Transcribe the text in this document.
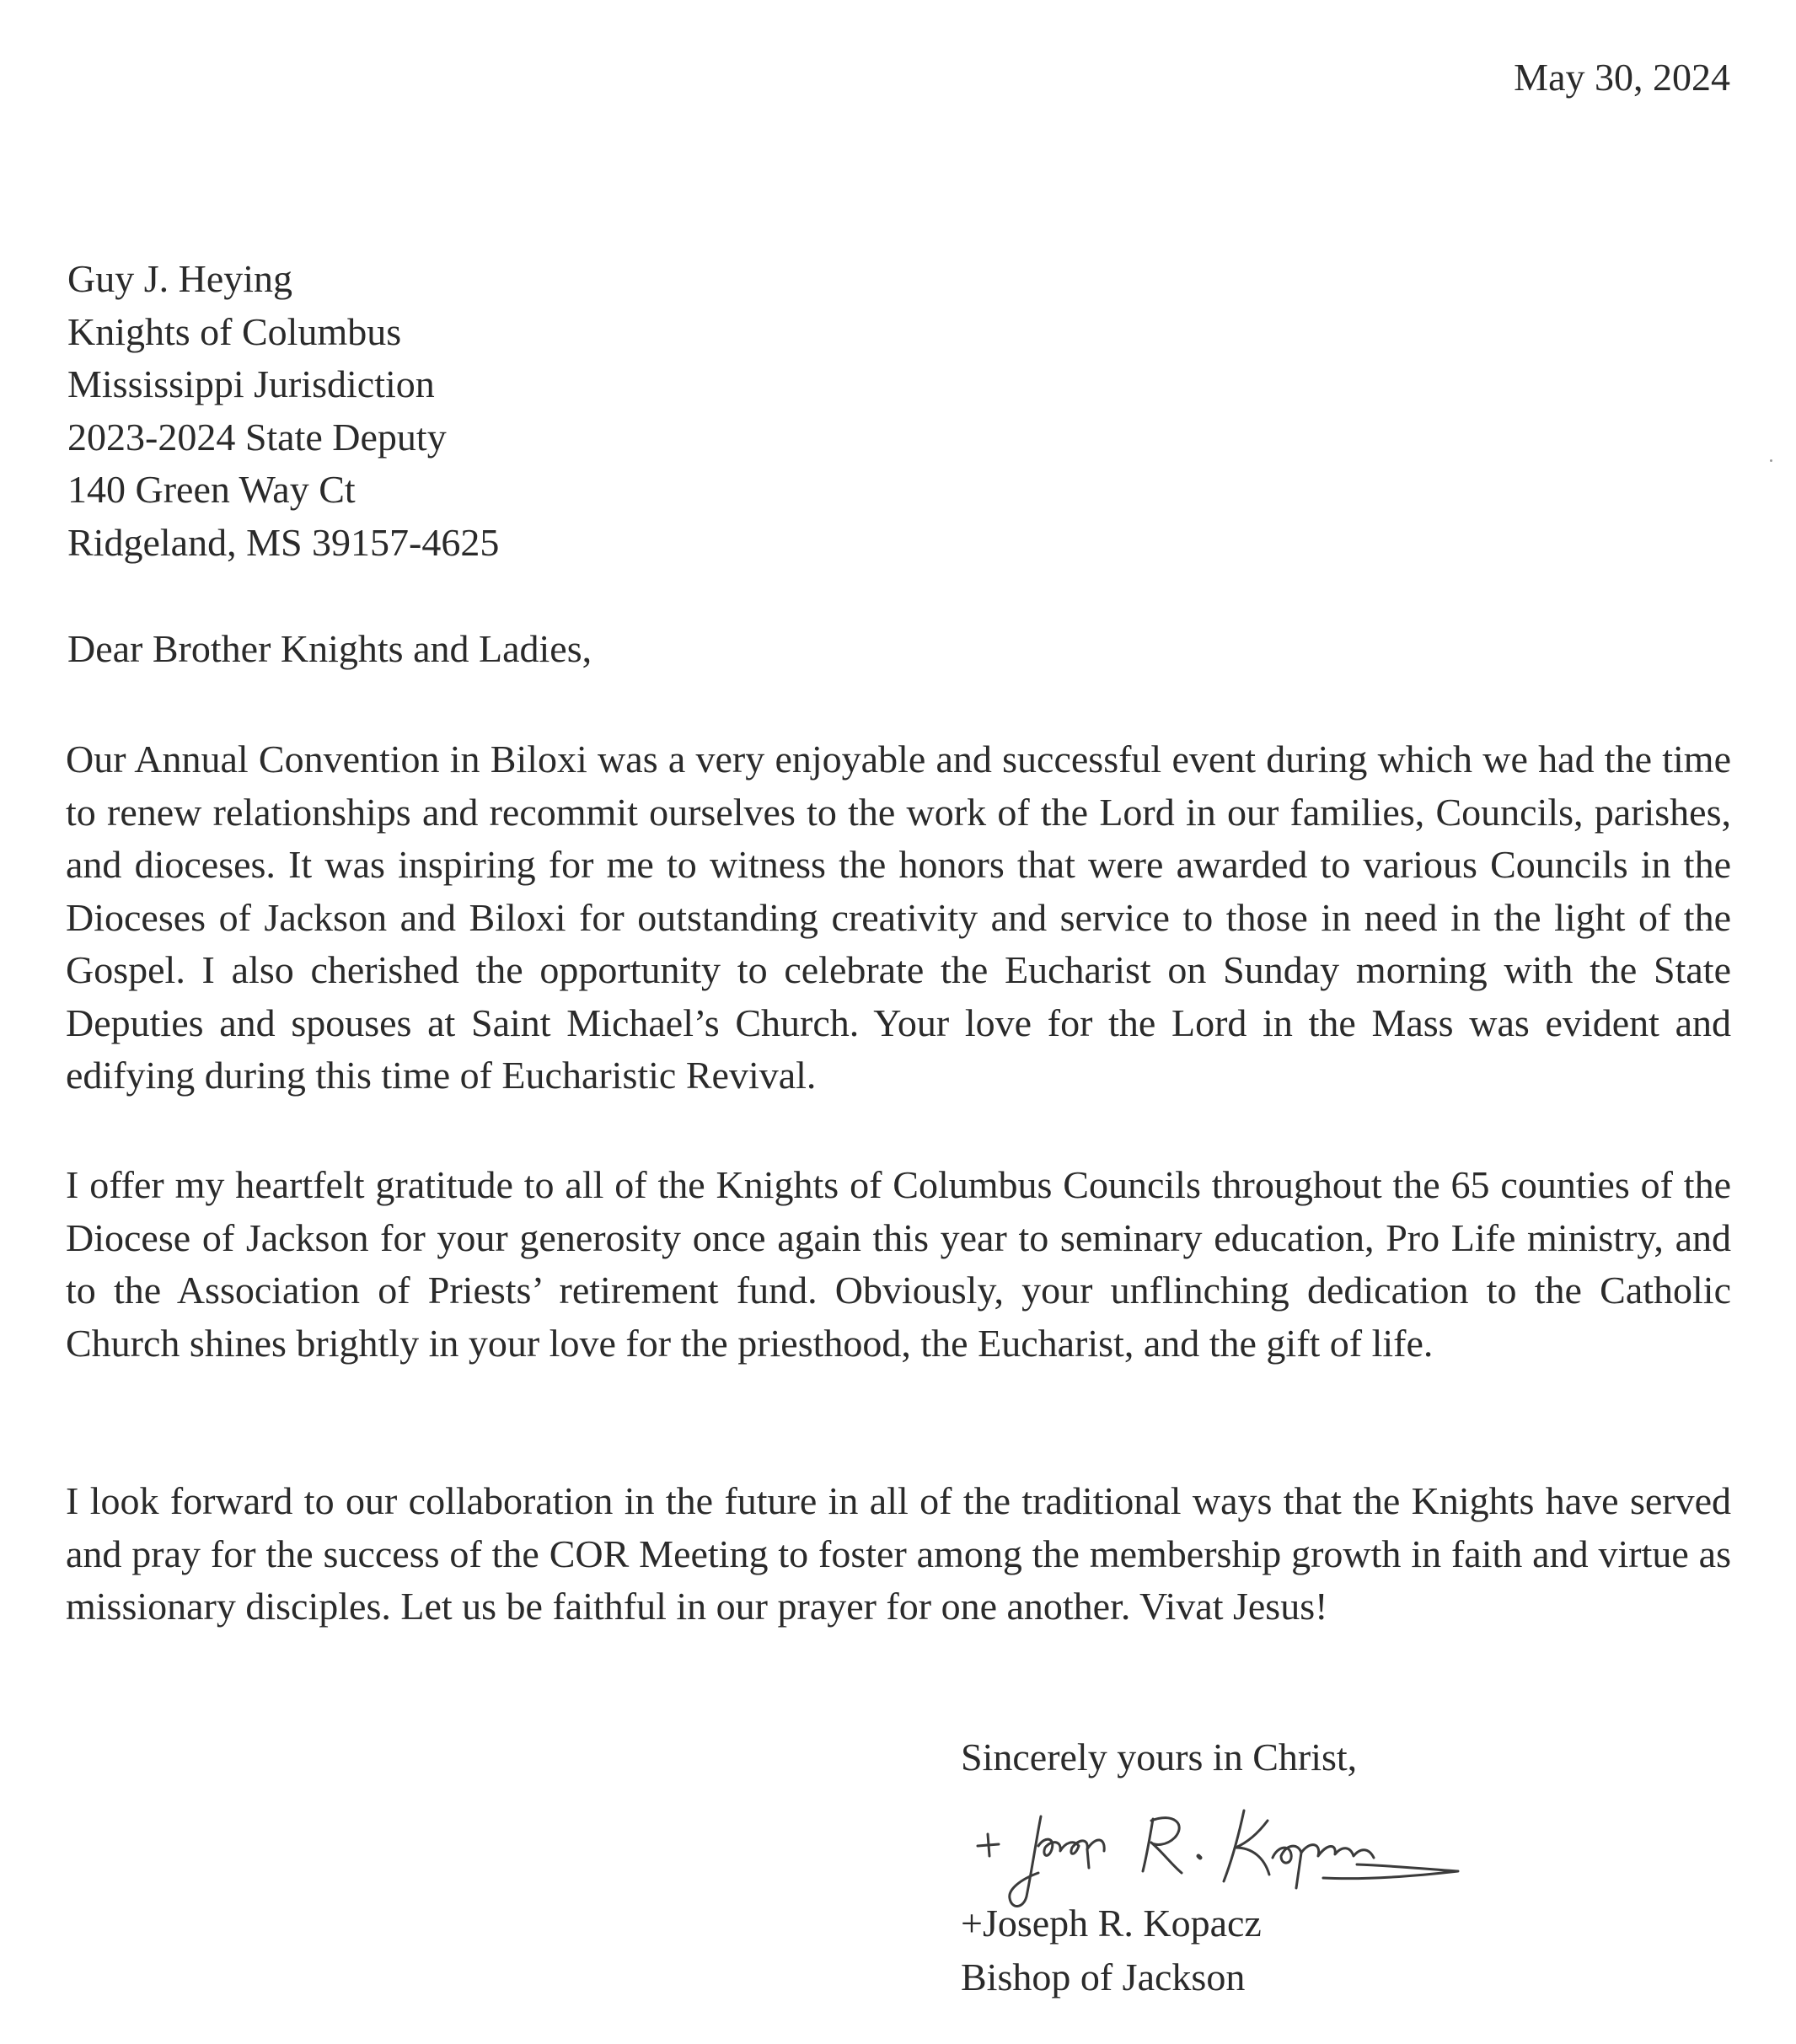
May 30, 2024
Guy J. Heying
Knights of Columbus
Mississippi Jurisdiction
2023-2024 State Deputy
140 Green Way Ct
Ridgeland, MS 39157-4625
Dear Brother Knights and Ladies,
Our Annual Convention in Biloxi was a very enjoyable and successful event during which we had the time to renew relationships and recommit ourselves to the work of the Lord in our families, Councils, parishes, and dioceses. It was inspiring for me to witness the honors that were awarded to various Councils in the Dioceses of Jackson and Biloxi for outstanding creativity and service to those in need in the light of the Gospel. I also cherished the opportunity to celebrate the Eucharist on Sunday morning with the State Deputies and spouses at Saint Michael’s Church. Your love for the Lord in the Mass was evident and edifying during this time of Eucharistic Revival.
I offer my heartfelt gratitude to all of the Knights of Columbus Councils throughout the 65 counties of the Diocese of Jackson for your generosity once again this year to seminary education, Pro Life ministry, and to the Association of Priests’ retirement fund. Obviously, your unflinching dedication to the Catholic Church shines brightly in your love for the priesthood, the Eucharist, and the gift of life.
I look forward to our collaboration in the future in all of the traditional ways that the Knights have served and pray for the success of the COR Meeting to foster among the membership growth in faith and virtue as missionary disciples. Let us be faithful in our prayer for one another. Vivat Jesus!
Sincerely yours in Christ,
+Joseph R. Kopacz
Bishop of Jackson
